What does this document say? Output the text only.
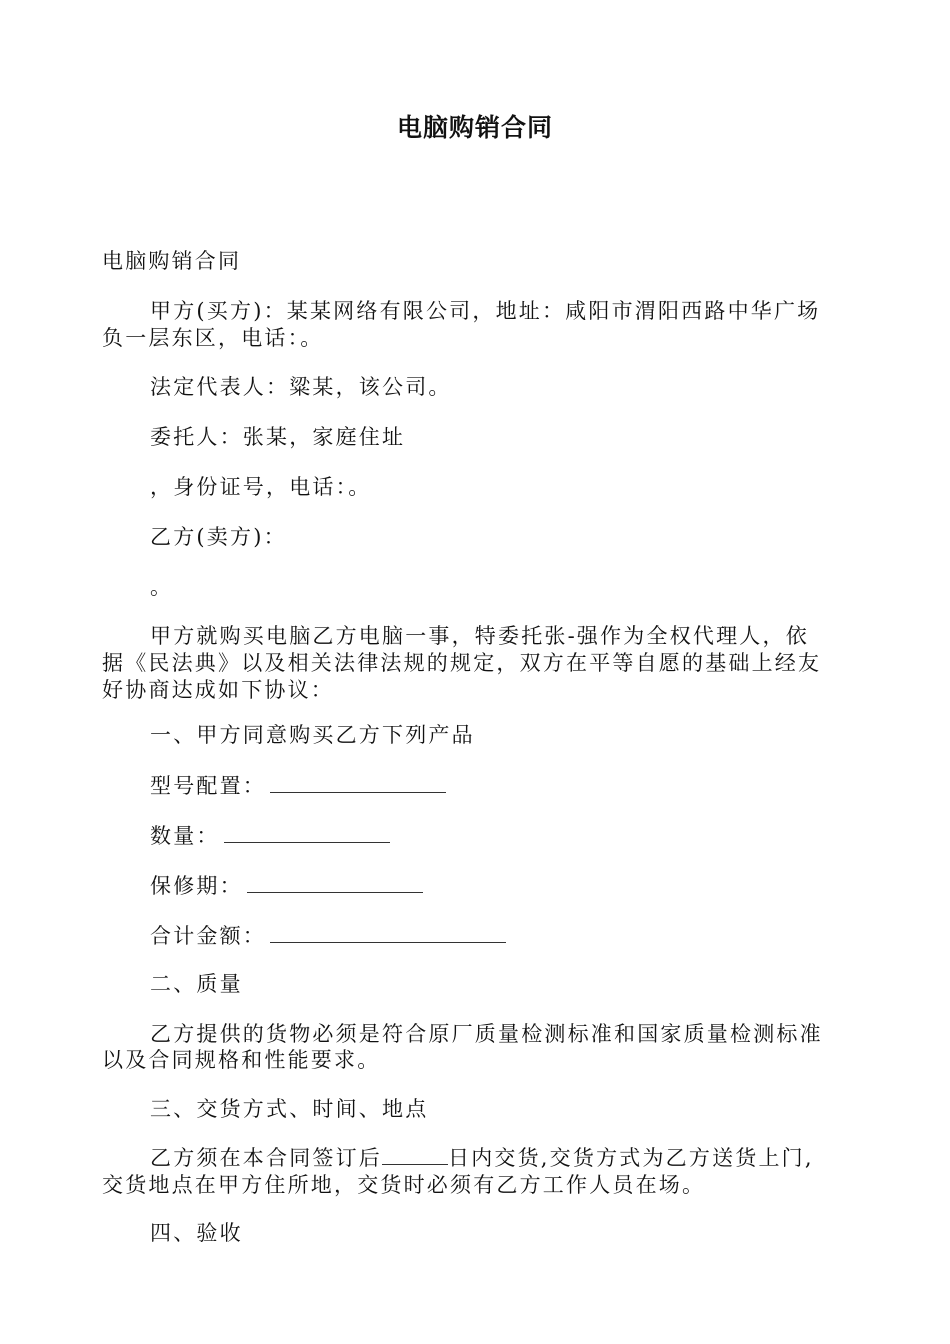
电脑购销合同
电脑购销合同
甲方(买方)：某某网络有限公司，地址：咸阳市渭阳西路中华广场
负一层东区，电话：。
法定代表人：粱某，该公司。
委托人：张某，家庭住址
，身份证号，电话：。
乙方(卖方)：
。
甲方就购买电脑乙方电脑一事，特委托张-强作为全权代理人，依
据《民法典》以及相关法律法规的规定，双方在平等自愿的基础上经友
好协商达成如下协议：
一、甲方同意购买乙方下列产品
型号配置：
数量：
保修期：
合计金额：
二、质量
乙方提供的货物必须是符合原厂质量检测标准和国家质量检测标准
以及合同规格和性能要求。
三、交货方式、时间、地点
乙方须在本合同签订后	日内交货,交货方式为乙方送货上门,
交货地点在甲方住所地，交货时必须有乙方工作人员在场。
四、验收
